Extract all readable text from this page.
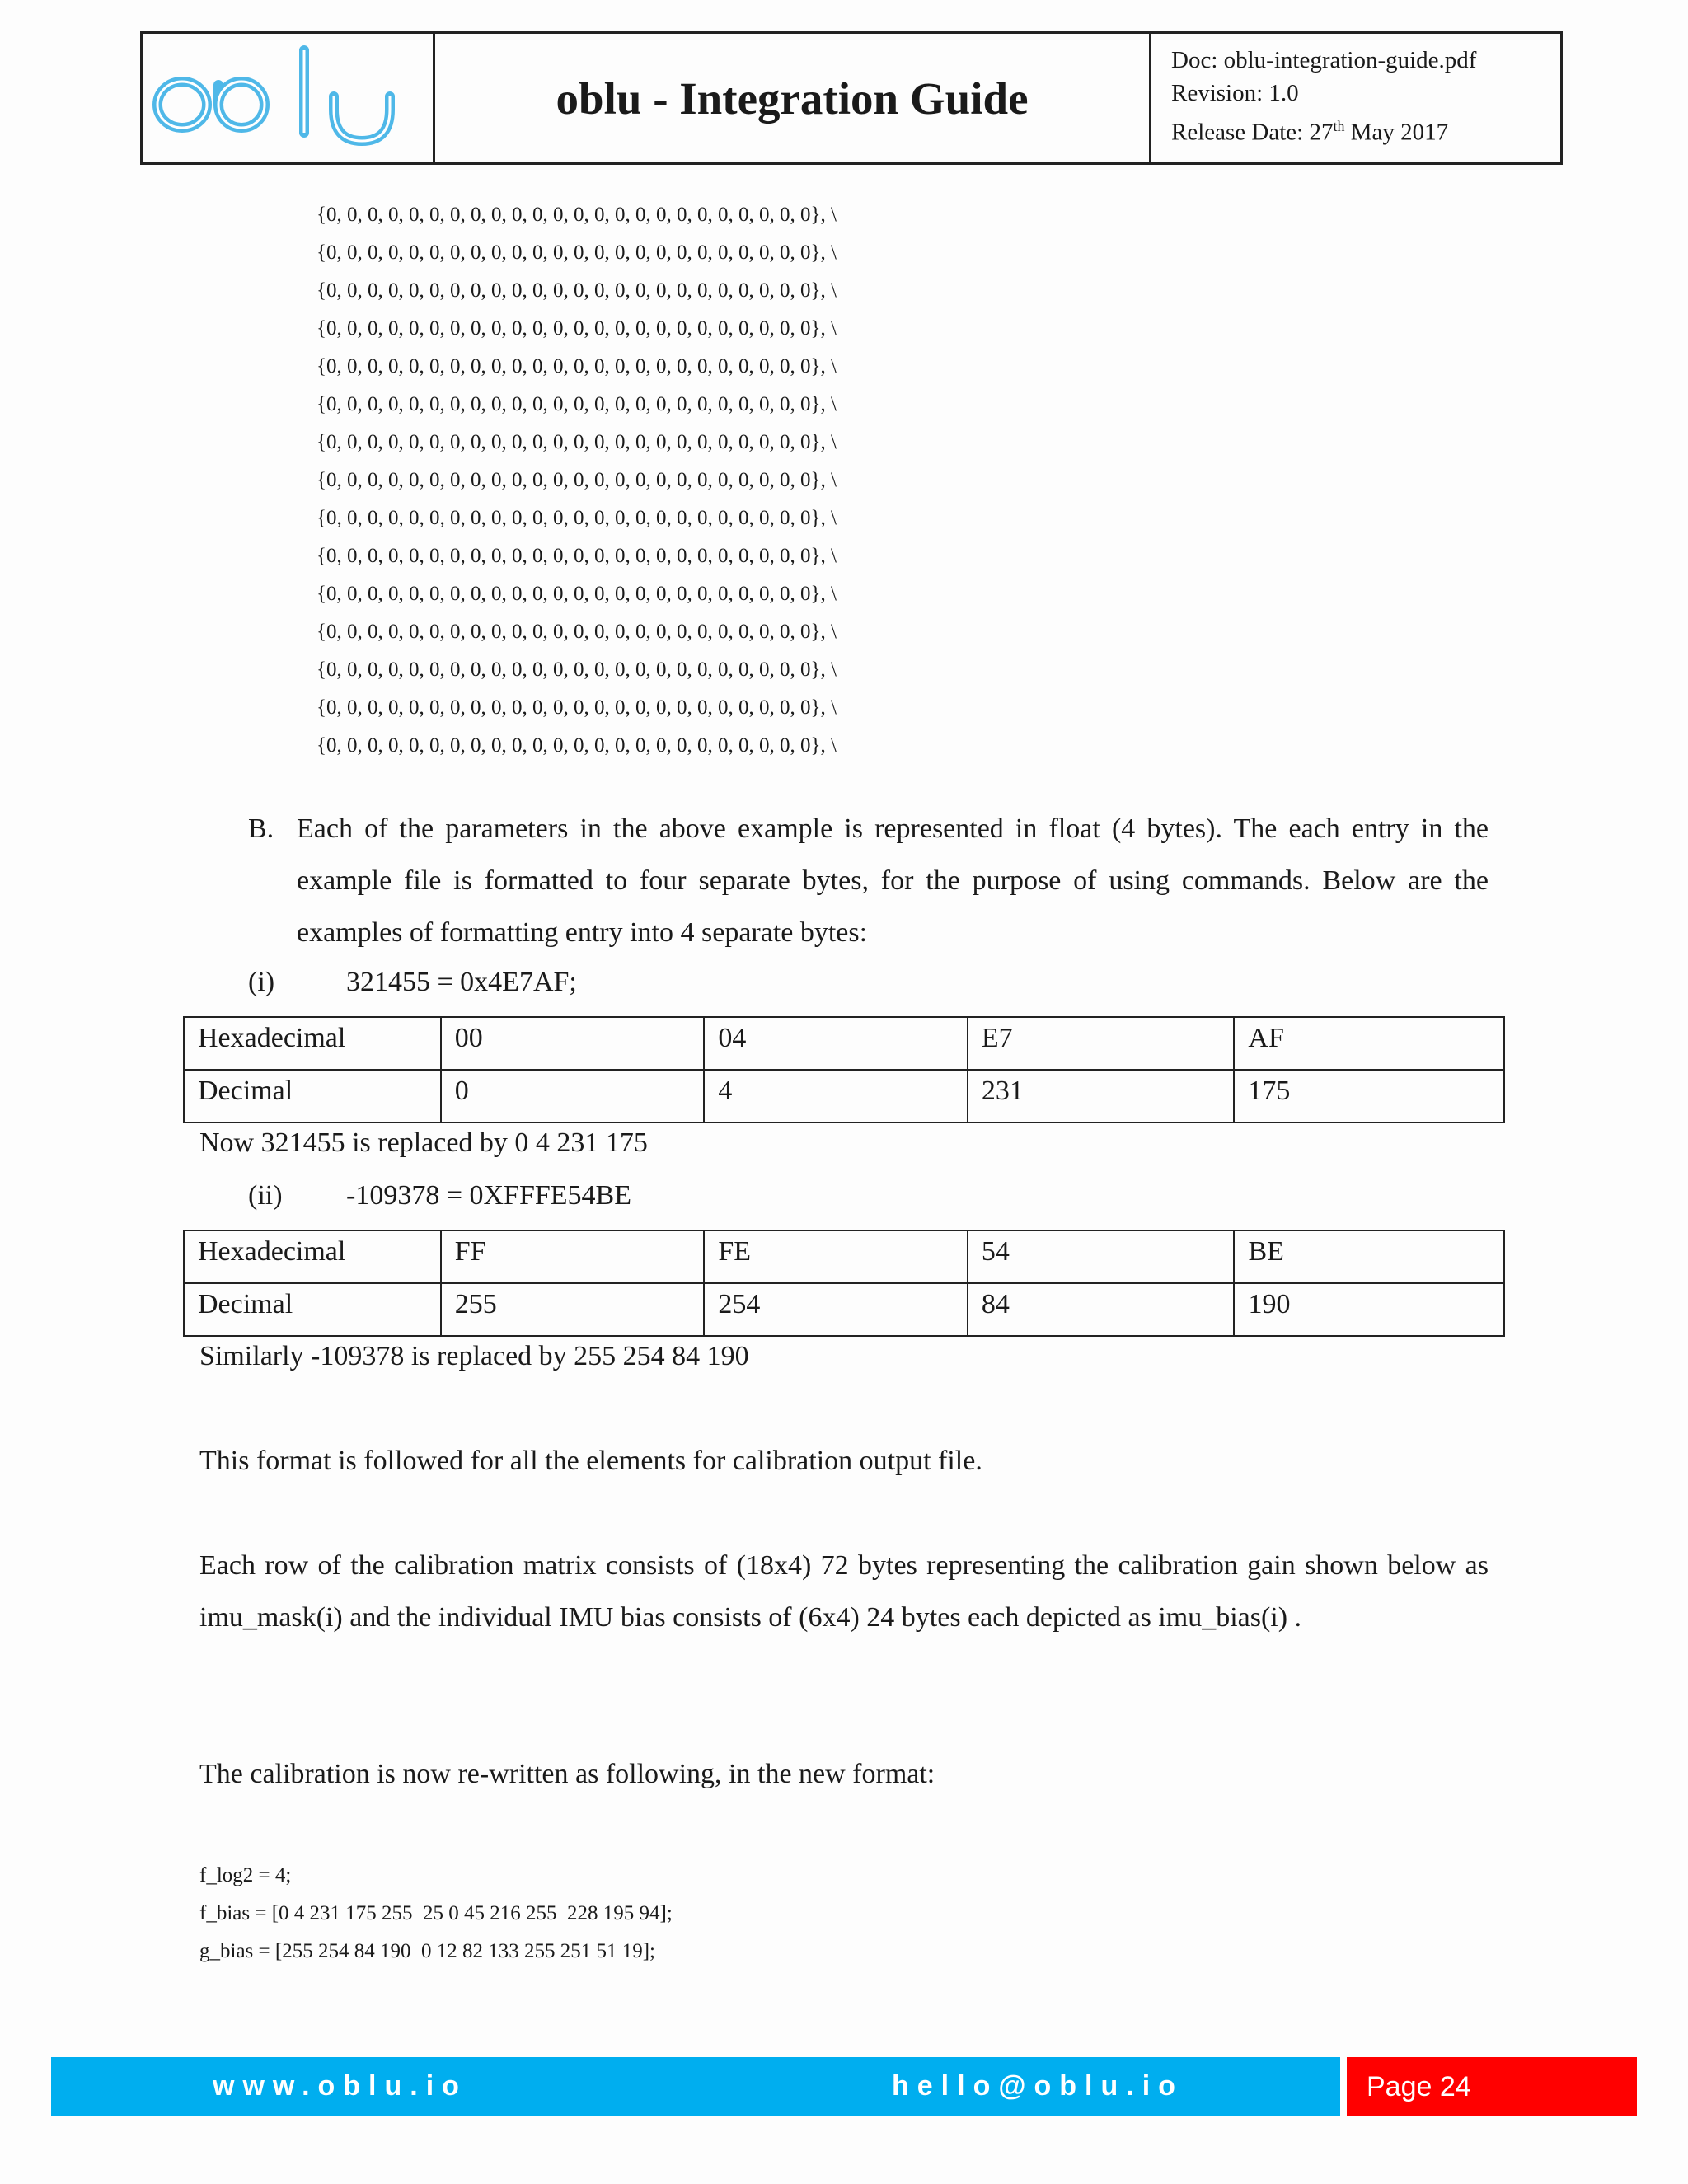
oblu - Integration Guide
Doc: oblu-integration-guide.pdf
Revision: 1.0
Release Date: 27th May 2017
{0, 0, 0, 0, 0, 0, 0, 0, 0, 0, 0, 0, 0, 0, 0, 0, 0, 0, 0, 0, 0, 0, 0, 0}, \
{0, 0, 0, 0, 0, 0, 0, 0, 0, 0, 0, 0, 0, 0, 0, 0, 0, 0, 0, 0, 0, 0, 0, 0}, \
{0, 0, 0, 0, 0, 0, 0, 0, 0, 0, 0, 0, 0, 0, 0, 0, 0, 0, 0, 0, 0, 0, 0, 0}, \
{0, 0, 0, 0, 0, 0, 0, 0, 0, 0, 0, 0, 0, 0, 0, 0, 0, 0, 0, 0, 0, 0, 0, 0}, \
{0, 0, 0, 0, 0, 0, 0, 0, 0, 0, 0, 0, 0, 0, 0, 0, 0, 0, 0, 0, 0, 0, 0, 0}, \
{0, 0, 0, 0, 0, 0, 0, 0, 0, 0, 0, 0, 0, 0, 0, 0, 0, 0, 0, 0, 0, 0, 0, 0}, \
{0, 0, 0, 0, 0, 0, 0, 0, 0, 0, 0, 0, 0, 0, 0, 0, 0, 0, 0, 0, 0, 0, 0, 0}, \
{0, 0, 0, 0, 0, 0, 0, 0, 0, 0, 0, 0, 0, 0, 0, 0, 0, 0, 0, 0, 0, 0, 0, 0}, \
{0, 0, 0, 0, 0, 0, 0, 0, 0, 0, 0, 0, 0, 0, 0, 0, 0, 0, 0, 0, 0, 0, 0, 0}, \
{0, 0, 0, 0, 0, 0, 0, 0, 0, 0, 0, 0, 0, 0, 0, 0, 0, 0, 0, 0, 0, 0, 0, 0}, \
{0, 0, 0, 0, 0, 0, 0, 0, 0, 0, 0, 0, 0, 0, 0, 0, 0, 0, 0, 0, 0, 0, 0, 0}, \
{0, 0, 0, 0, 0, 0, 0, 0, 0, 0, 0, 0, 0, 0, 0, 0, 0, 0, 0, 0, 0, 0, 0, 0}, \
{0, 0, 0, 0, 0, 0, 0, 0, 0, 0, 0, 0, 0, 0, 0, 0, 0, 0, 0, 0, 0, 0, 0, 0}, \
{0, 0, 0, 0, 0, 0, 0, 0, 0, 0, 0, 0, 0, 0, 0, 0, 0, 0, 0, 0, 0, 0, 0, 0}, \
{0, 0, 0, 0, 0, 0, 0, 0, 0, 0, 0, 0, 0, 0, 0, 0, 0, 0, 0, 0, 0, 0, 0, 0}, \
B. Each of the parameters in the above example is represented in float (4 bytes). The each entry in the example file is formatted to four separate bytes, for the purpose of using commands. Below are the examples of formatting entry into 4 separate bytes:
(i)	321455 = 0x4E7AF;
Hexadecimal	00	04	E7	AF
Decimal	0	4	231	175
Now 321455 is replaced by 0 4 231 175
(ii) -109378 = 0XFFFE54BE
Hexadecimal	FF	FE	54	BE
Decimal	255	254	84	190
Similarly -109378 is replaced by 255 254 84 190
This format is followed for all the elements for calibration output file.
Each row of the calibration matrix consists of (18x4) 72 bytes representing the calibration gain shown below as imu_mask(i) and the individual IMU bias consists of (6x4) 24 bytes each depicted as imu_bias(i) .
The calibration is now re-written as following, in the new format:
f_log2 = 4;
f_bias = [0 4 231 175 255  25 0 45 216 255  228 195 94];
g_bias = [255 254 84 190  0 12 82 133 255 251 51 19];
www.oblu.io	hello@oblu.io	Page 24
